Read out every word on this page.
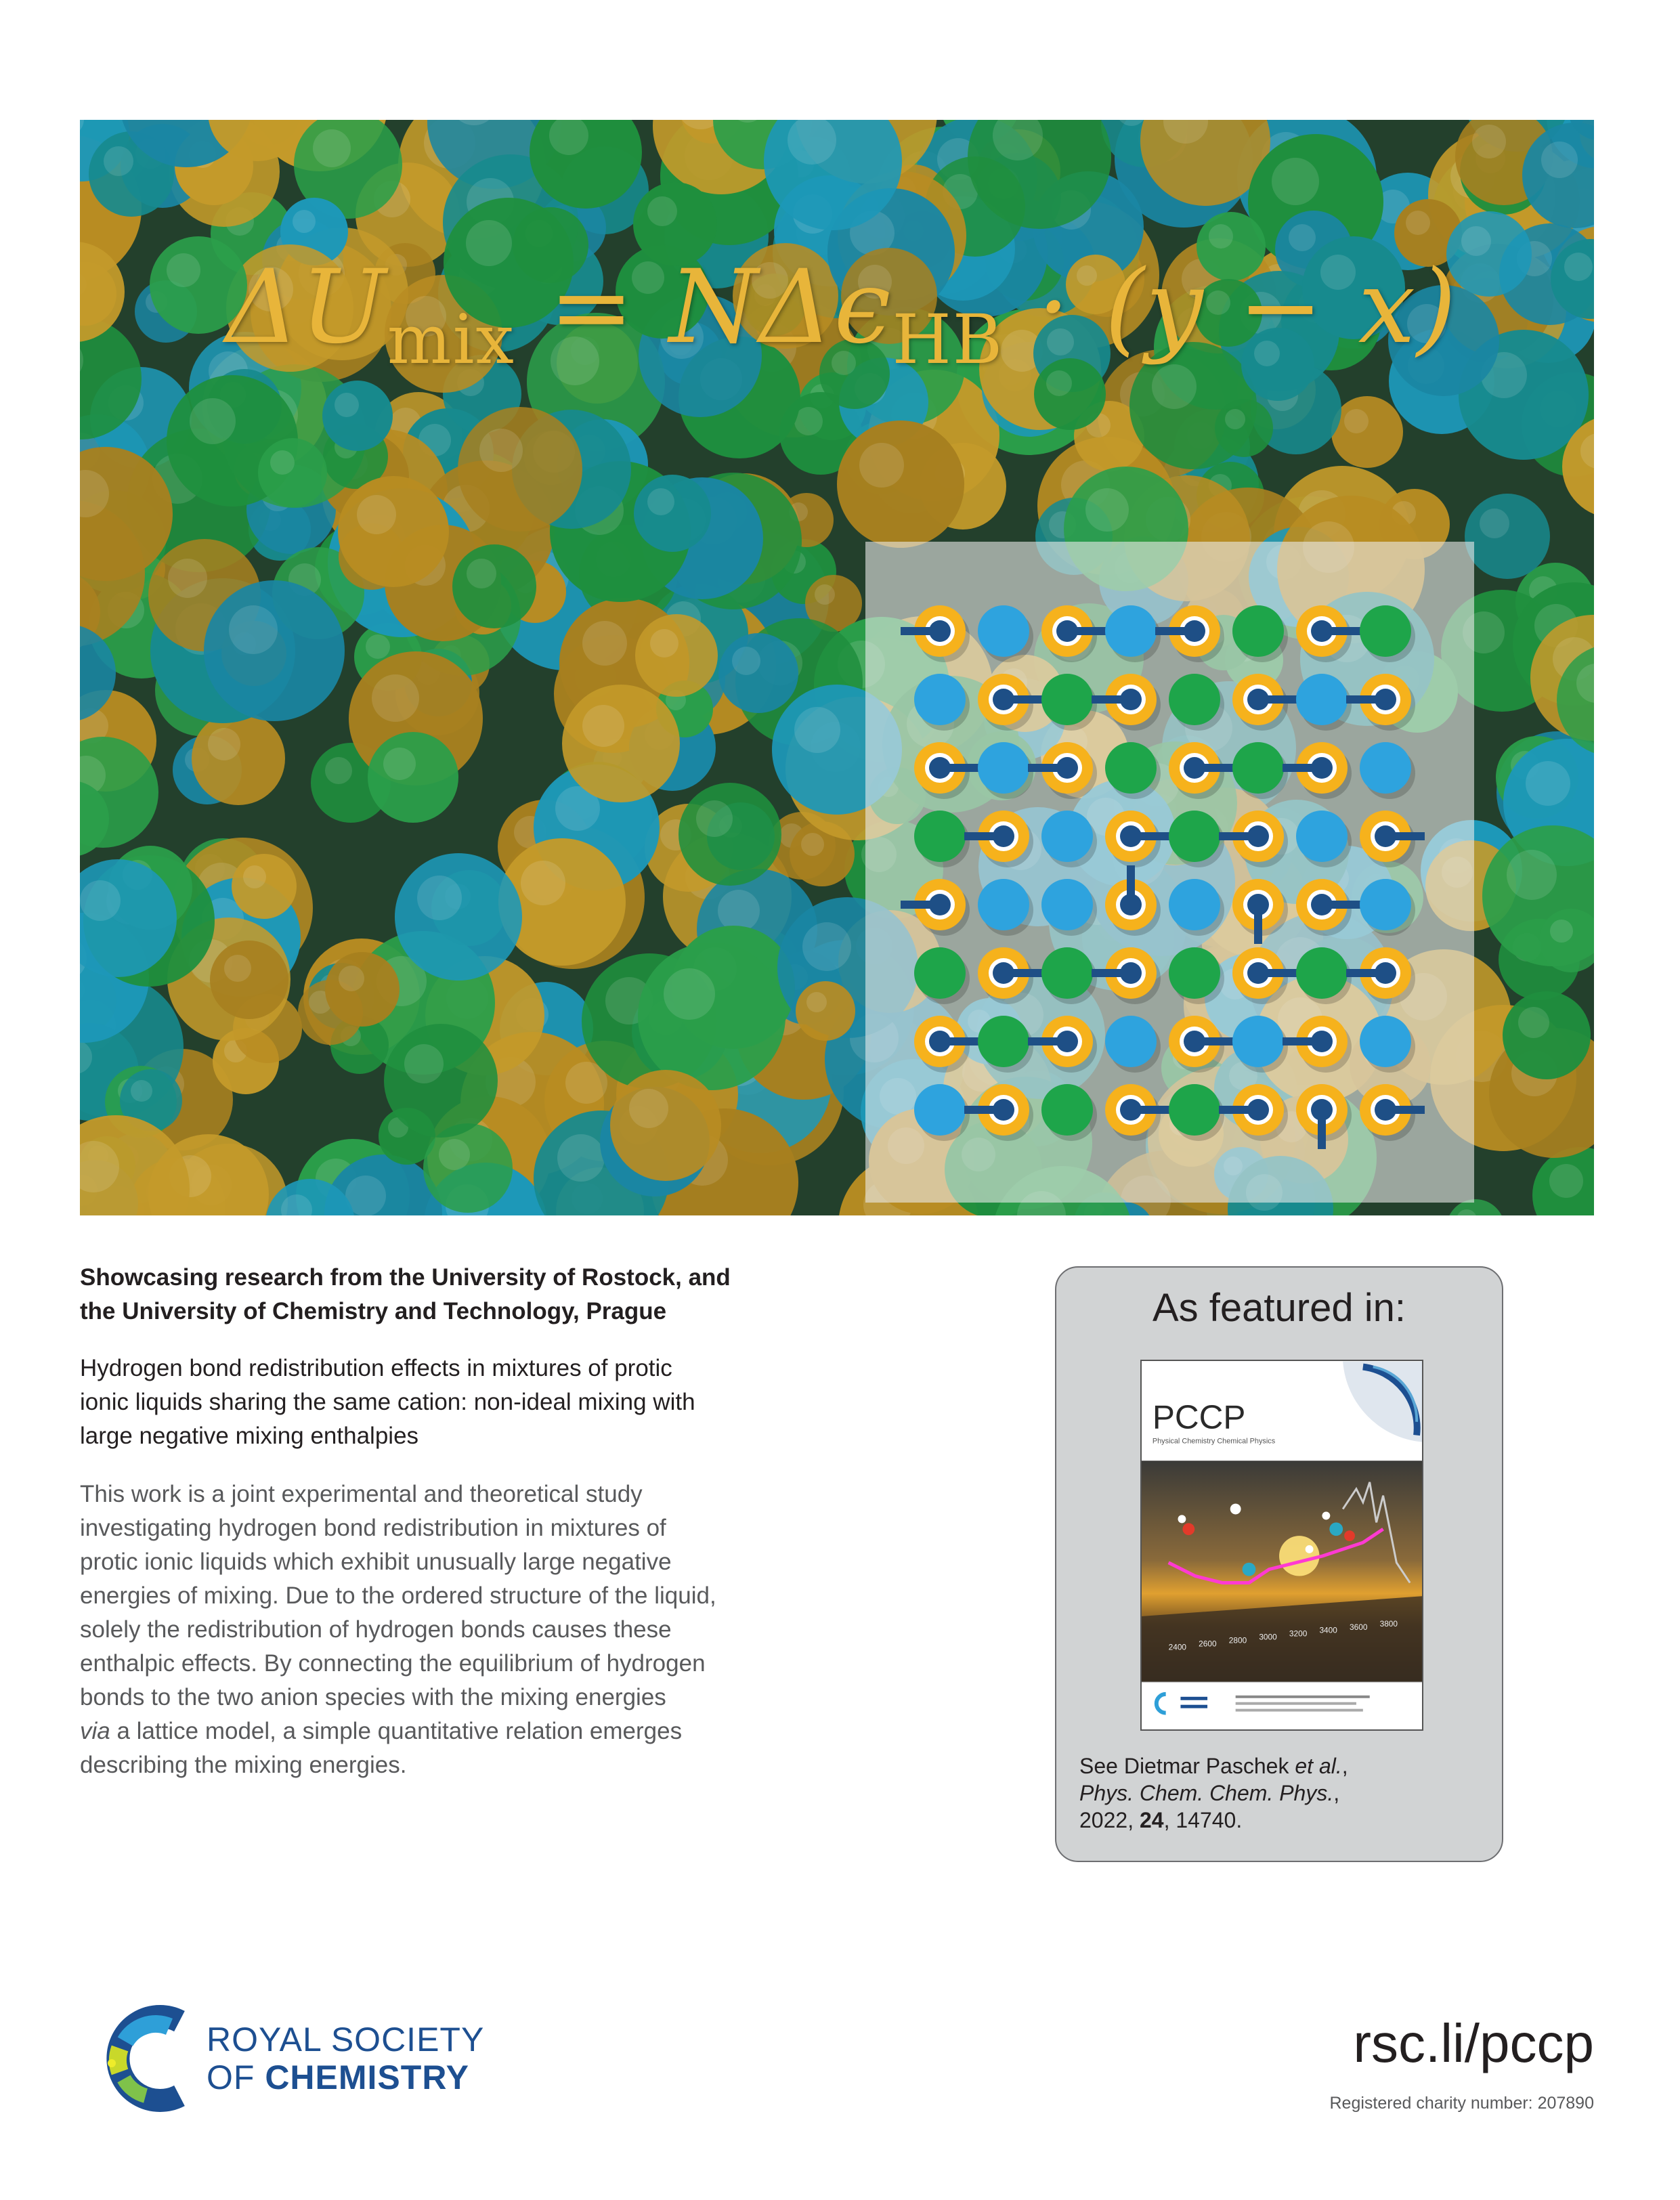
$\Delta U_{mix} = N\Delta\epsilon_{HB} \cdot (y - x)$
Showcasing research from the University of Rostock, and
the University of Chemistry and Technology, Prague
Hydrogen bond redistribution effects in mixtures of protic
ionic liquids sharing the same cation: non-ideal mixing with
large negative mixing enthalpies
This work is a joint experimental and theoretical study
investigating hydrogen bond redistribution in mixtures of
protic ionic liquids which exhibit unusually large negative
energies of mixing. Due to the ordered structure of the liquid,
solely the redistribution of hydrogen bonds causes these
enthalpic effects. By connecting the equilibrium of hydrogen
bonds to the two anion species with the mixing energies
via a lattice model, a simple quantitative relation emerges
describing the mixing energies.
As featured in:
PCCP
Physical Chemistry Chemical Physics
2400 2600 2800 3000 3200 3400 3600 3800
See Dietmar Paschek et al.,
Phys. Chem. Chem. Phys.,
2022, 24, 14740.
ROYAL SOCIETY
OF CHEMISTRY
rsc.li/pccp
Registered charity number: 207890
